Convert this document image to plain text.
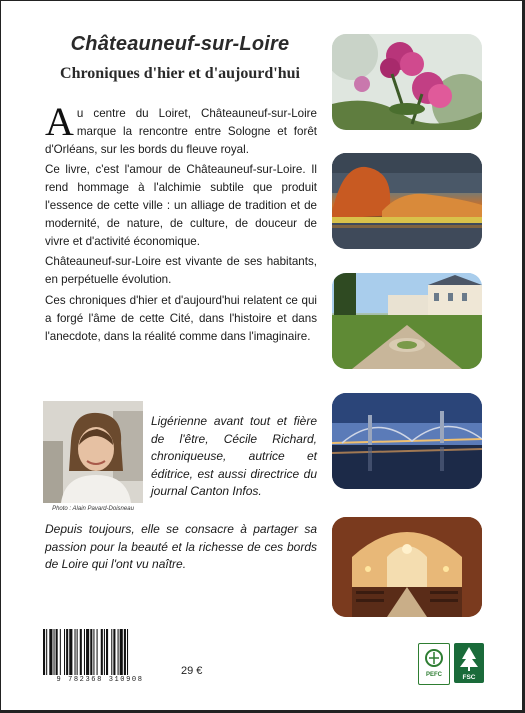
Châteauneuf-sur-Loire
Chroniques d'hier et d'aujourd'hui

Au centre du Loiret, Châteauneuf-sur-Loire marque la rencontre entre Sologne et forêt d'Orléans, sur les bords du fleuve royal.

Ce livre, c'est l'amour de Châteauneuf-sur-Loire. Il rend hommage à l'alchimie subtile que produit l'essence de cette ville : un alliage de tradition et de modernité, de nature, de culture, de douceur de vivre et d'activité économique.

Châteauneuf-sur-Loire est vivante de ses habitants, en perpétuelle évolution.

Ces chroniques d'hier et d'aujourd'hui relatent ce qui a forgé l'âme de cette Cité, dans l'histoire et dans l'anecdote, dans la réalité comme dans l'imaginaire.

Photo : Alain Pavard-Doisneau
Ligérienne avant tout et fière de l'être, Cécile Richard, chroniqueuse, autrice et éditrice, est aussi directrice du journal Canton Infos.
Depuis toujours, elle se consacre à partager sa passion pour la beauté et la richesse de ces bords de Loire qui l'ont vu naître.
9 782368 310908
29 €	PEFC	FSC
